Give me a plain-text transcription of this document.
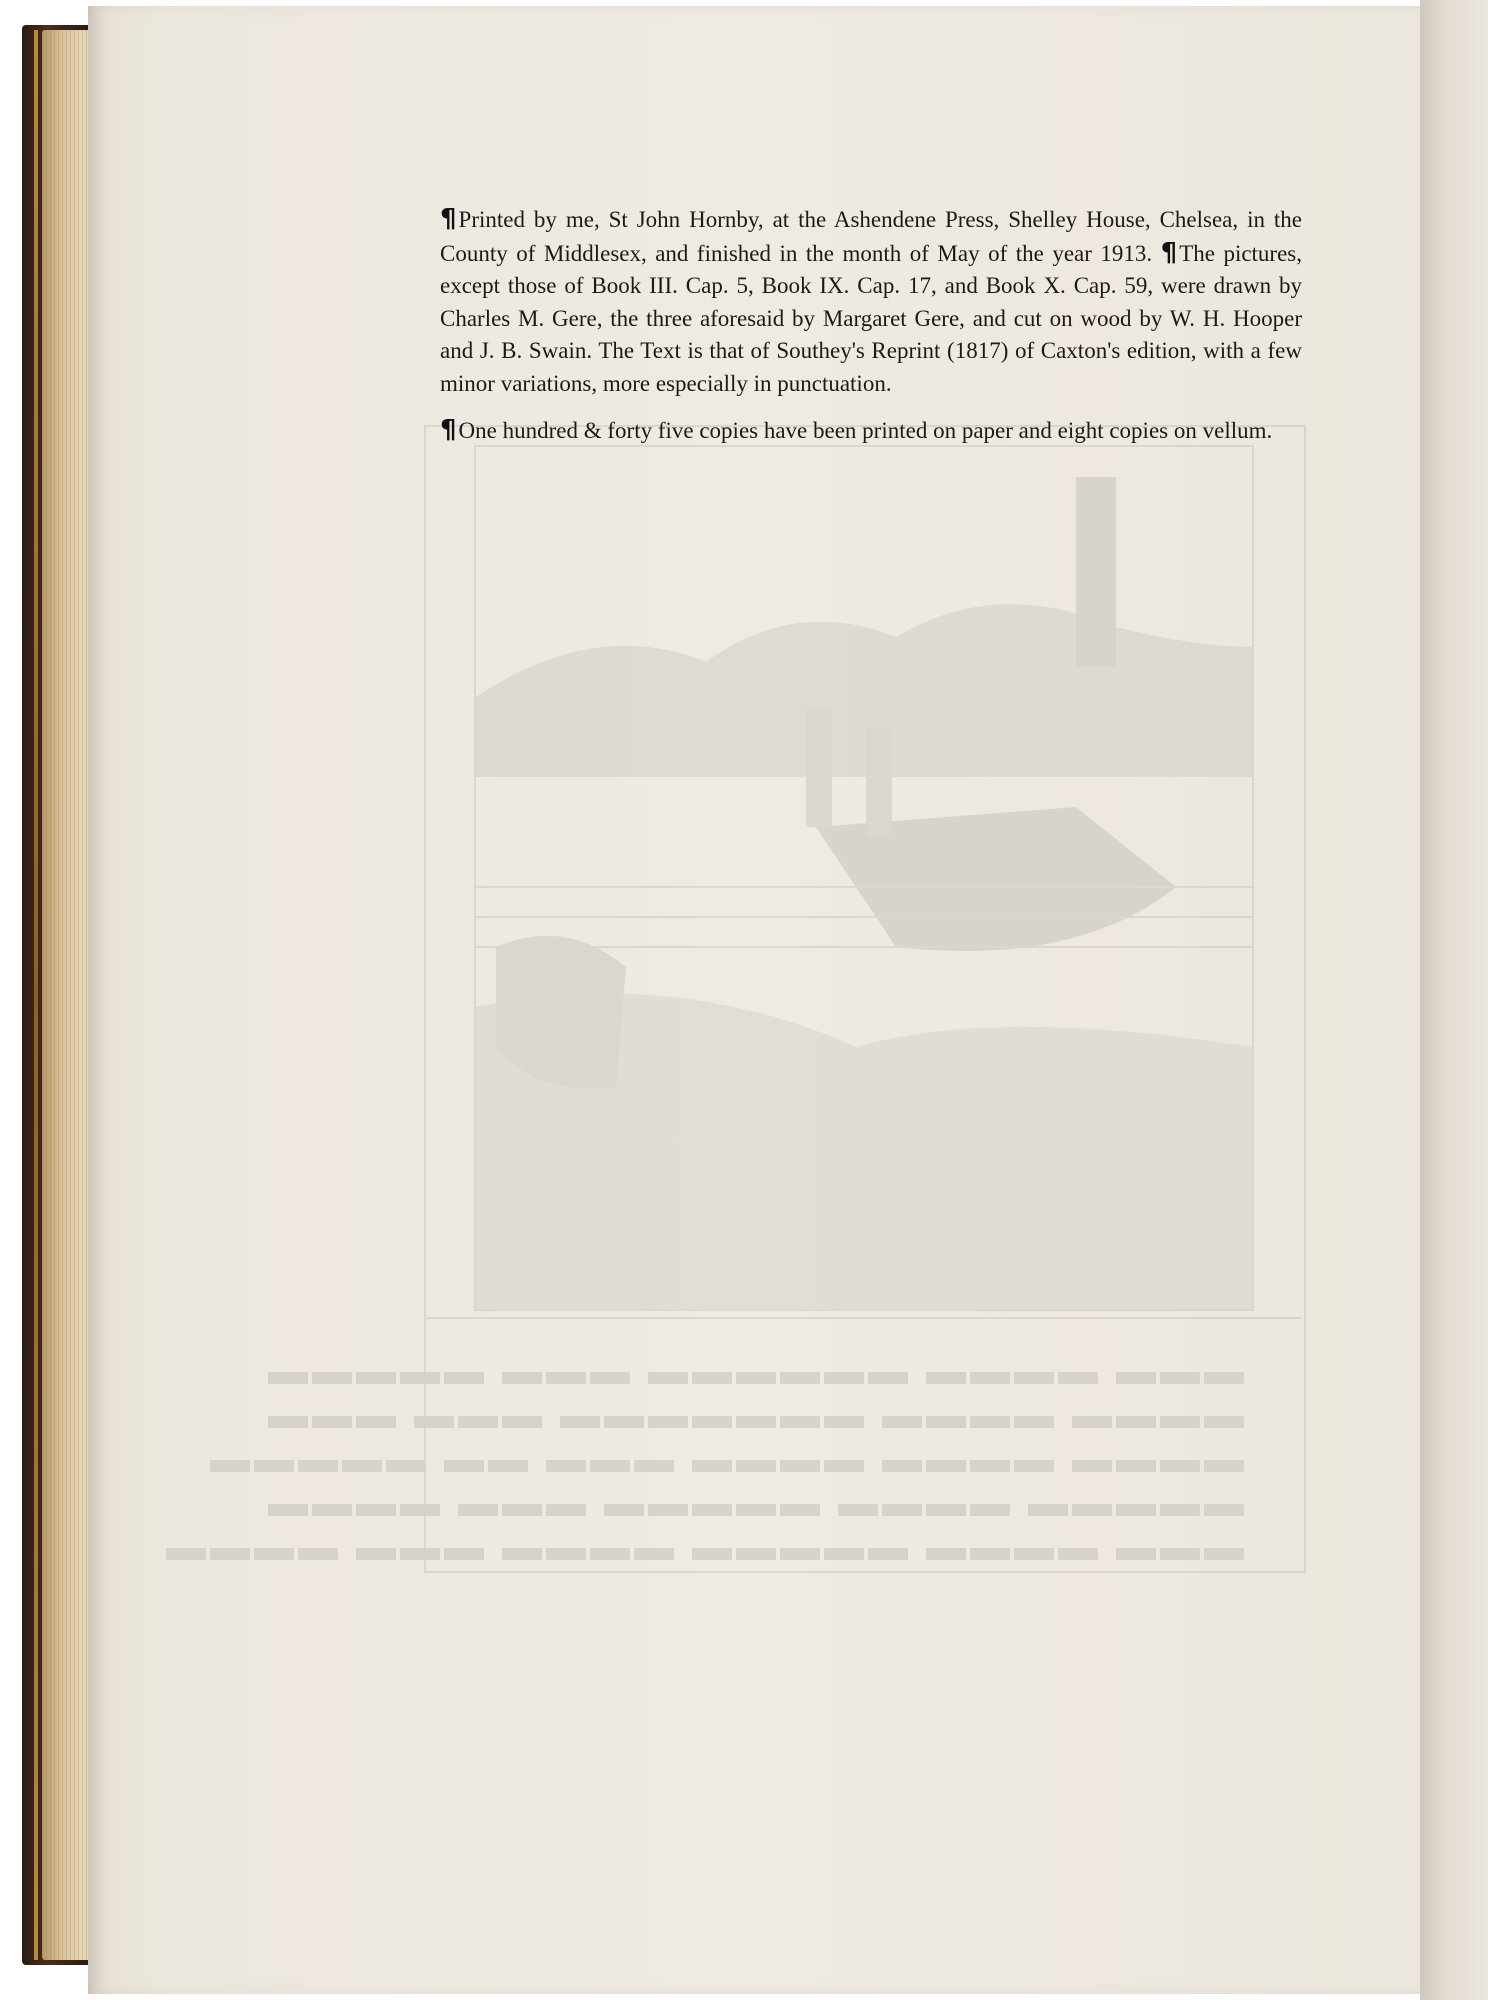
▬▬▬ ▬▬▬▬ ▬▬▬▬▬▬ ▬▬▬ ▬▬▬▬▬
▬▬▬▬ ▬▬▬▬ ▬▬▬▬▬▬▬ ▬▬▬ ▬▬▬
▬▬▬▬ ▬▬▬▬ ▬▬▬▬ ▬▬▬ ▬▬ ▬▬▬▬▬
▬▬▬▬▬ ▬▬▬▬ ▬▬▬▬▬ ▬▬▬ ▬▬▬▬
▬▬▬ ▬▬▬▬ ▬▬▬▬▬ ▬▬▬▬ ▬▬▬ ▬▬▬▬

¶Printed by me, St John Hornby, at the Ashendene Press, Shelley House, Chelsea, in the County of Middlesex, and finished in the month of May of the year 1913. ¶The pictures, except those of Book III. Cap. 5, Book IX. Cap. 17, and Book X. Cap. 59, were drawn by Charles M. Gere, the three aforesaid by Margaret Gere, and cut on wood by W. H. Hooper and J. B. Swain. The Text is that of Southey's Reprint (1817) of Caxton's edition, with a few minor variations, more especially in punctuation.

¶One hundred & forty five copies have been printed on paper and eight copies on vellum.
